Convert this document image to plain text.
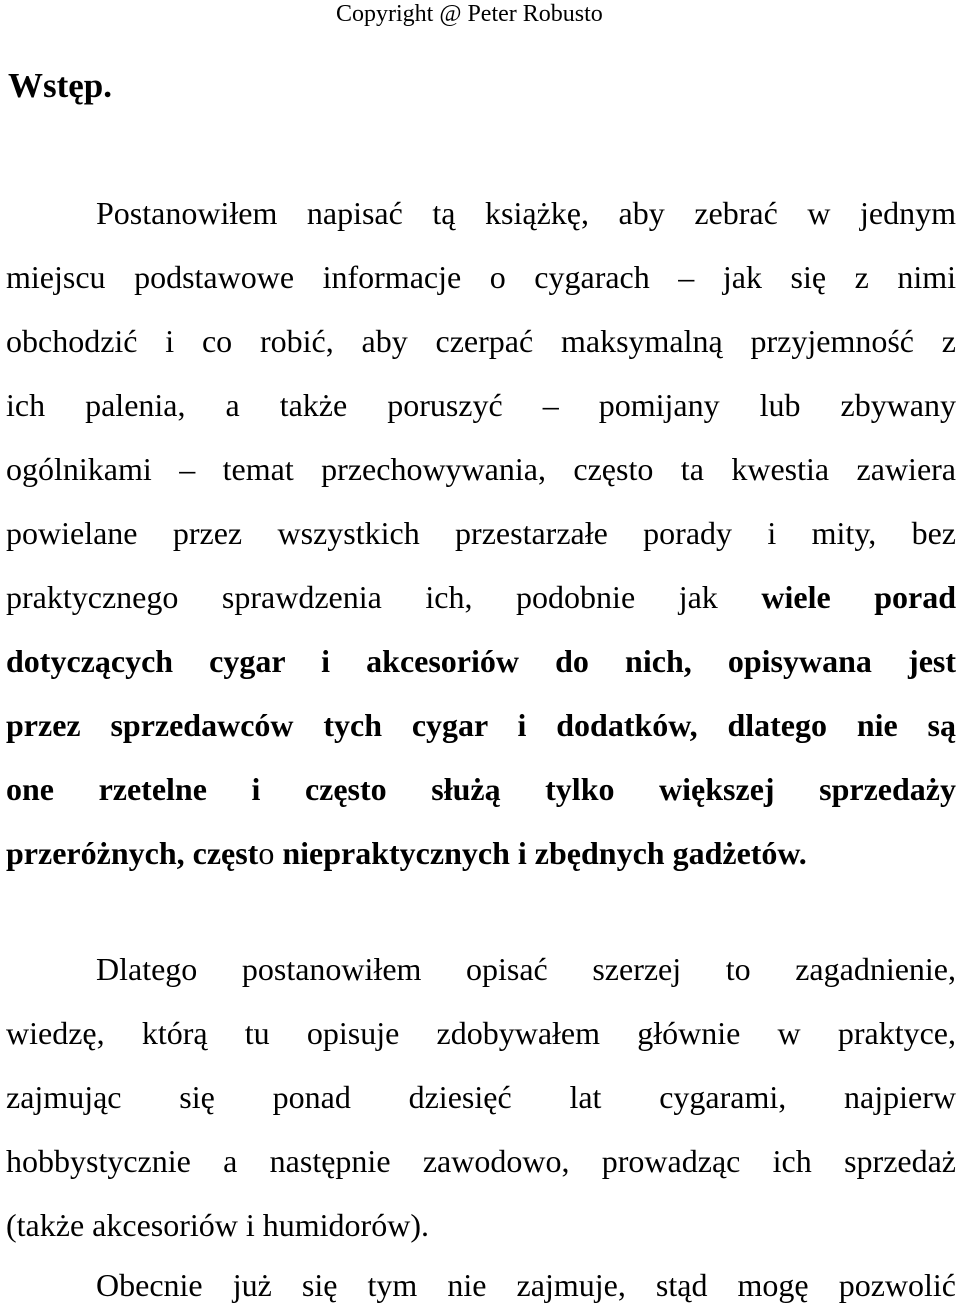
Copyright @ Peter Robusto
Wstęp.
Postanowiłem napisać tą książkę, aby zebrać w jednym
miejscu podstawowe informacje o cygarach – jak się z nimi
obchodzić i co robić, aby czerpać maksymalną przyjemność z
ich palenia, a także poruszyć – pomijany lub zbywany
ogólnikami – temat przechowywania, często ta kwestia zawiera
powielane przez wszystkich przestarzałe porady i mity, bez
praktycznego sprawdzenia ich, podobnie jak wiele porad
dotyczących cygar i akcesoriów do nich, opisywana jest
przez sprzedawców tych cygar i dodatków, dlatego nie są
one rzetelne i często służą tylko większej sprzedaży
przeróżnych, często niepraktycznych i zbędnych gadżetów.
Dlatego postanowiłem opisać szerzej to zagadnienie,
wiedzę, którą tu opisuje zdobywałem głównie w praktyce,
zajmując się ponad dziesięć lat cygarami, najpierw
hobbystycznie a następnie zawodowo, prowadząc ich sprzedaż
(także akcesoriów i humidorów).
Obecnie już się tym nie zajmuje, stąd mogę pozwolić
